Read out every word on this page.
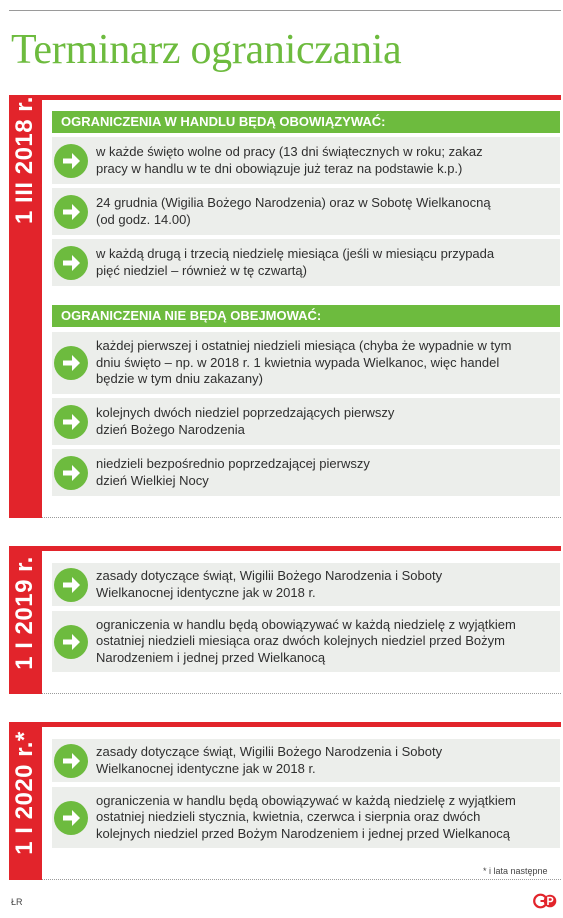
Terminarz ograniczania
1 III 2018 r.	OGRANICZENIA W HANDLU BĘDĄ OBOWIĄZYWAĆ:
w każde święto wolne od pracy (13 dni świątecznych w roku; zakaz
pracy w handlu w te dni obowiązuje już teraz na podstawie k.p.)
24 grudnia (Wigilia Bożego Narodzenia) oraz w Sobotę Wielkanocną
(od godz. 14.00)
w każdą drugą i trzecią niedzielę miesiąca (jeśli w miesiącu przypada
pięć niedziel – również w tę czwartą)
OGRANICZENIA NIE BĘDĄ OBEJMOWAĆ:
każdej pierwszej i ostatniej niedzieli miesiąca (chyba że wypadnie w tym
dniu święto – np. w 2018 r. 1 kwietnia wypada Wielkanoc, więc handel
będzie w tym dniu zakazany)
kolejnych dwóch niedziel poprzedzających pierwszy
dzień Bożego Narodzenia
niedzieli bezpośrednio poprzedzającej pierwszy
dzień Wielkiej Nocy
1 I 2019 r.	zasady dotyczące świąt, Wigilii Bożego Narodzenia i Soboty
Wielkanocnej identyczne jak w 2018 r.
ograniczenia w handlu będą obowiązywać w każdą niedzielę z wyjątkiem
ostatniej niedzieli miesiąca oraz dwóch kolejnych niedziel przed Bożym
Narodzeniem i jednej przed Wielkanocą
1 I 2020 r.*	zasady dotyczące świąt, Wigilii Bożego Narodzenia i Soboty
Wielkanocnej identyczne jak w 2018 r.
ograniczenia w handlu będą obowiązywać w każdą niedzielę z wyjątkiem
ostatniej niedzieli stycznia, kwietnia, czerwca i sierpnia oraz dwóch
kolejnych niedziel przed Bożym Narodzeniem i jednej przed Wielkanocą
* i lata następne
ŁR
